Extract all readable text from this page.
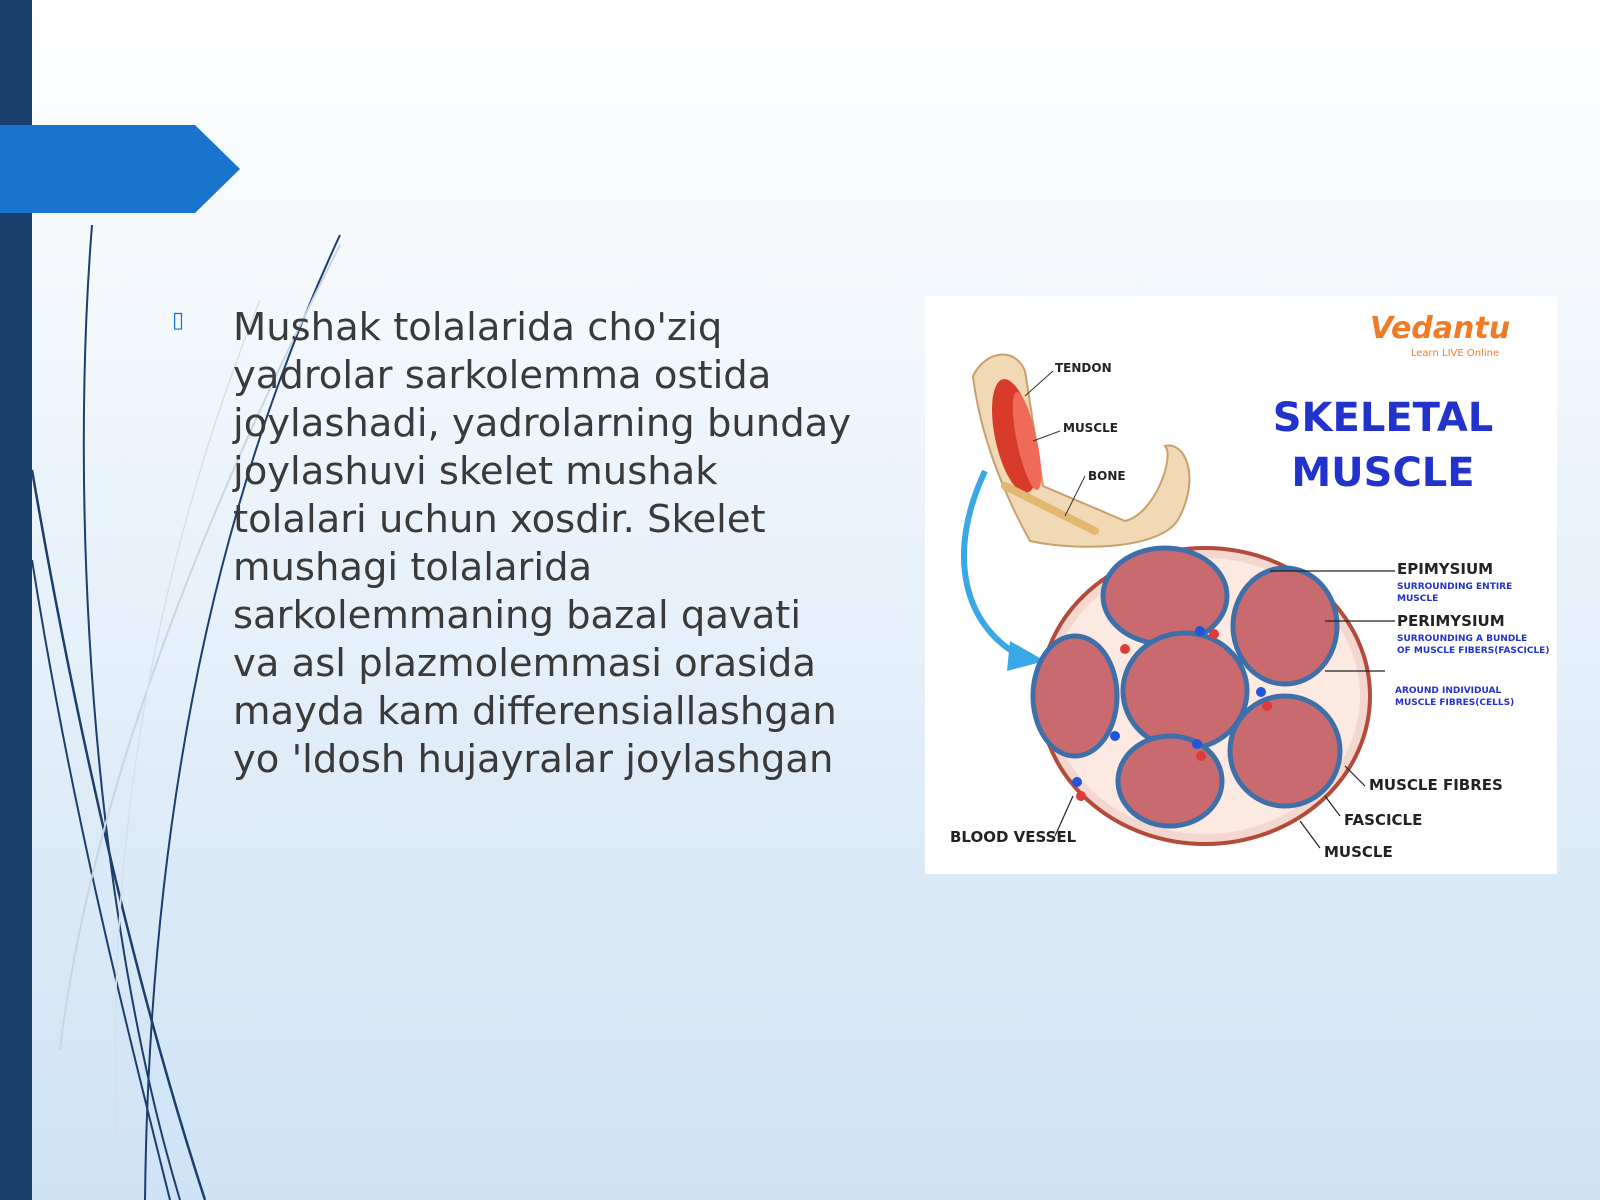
▯ Mushak tolalarida cho'ziq yadrolar sarkolemma ostida joylashadi, yadrolarning bunday joylashuvi skelet mushak tolalari uchun xosdir. Skelet mushagi tolalarida sarkolemmaning bazal qavati va asl plazmolemmasi orasida mayda kam differensiallashgan yo 'ldosh hujayralar joylashgan

Vedantu
Learn LIVE Online
SKELETAL
MUSCLE
TENDON
MUSCLE
BONE
EPIMYSIUM
SURROUNDING ENTIRE
MUSCLE
PERIMYSIUM
SURROUNDING A BUNDLE
OF MUSCLE FIBERS(FASCICLE)
AROUND INDIVIDUAL
MUSCLE FIBRES(CELLS)
MUSCLE FIBRES
FASCICLE
MUSCLE
BLOOD VESSEL
